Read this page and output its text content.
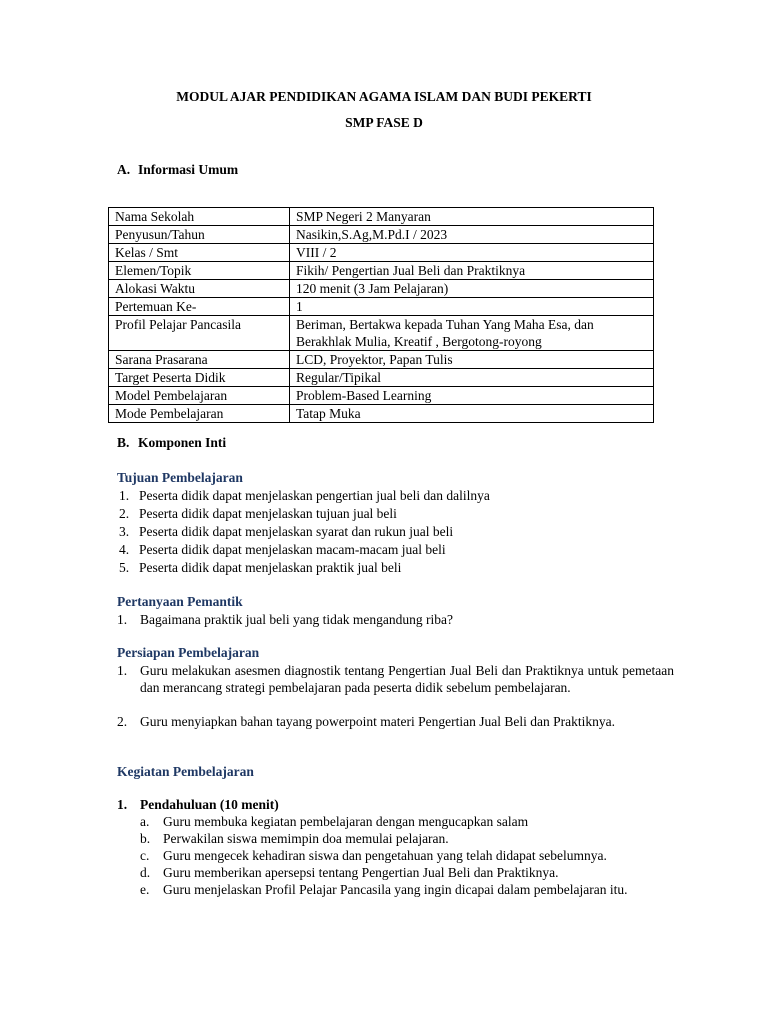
MODUL AJAR PENDIDIKAN AGAMA ISLAM DAN BUDI PEKERTI
SMP FASE D
A. Informasi Umum
Nama Sekolah	SMP Negeri 2 Manyaran
Penyusun/Tahun	Nasikin,S.Ag,M.Pd.I / 2023
Kelas / Smt	VIII / 2
Elemen/Topik	Fikih/ Pengertian Jual Beli dan Praktiknya
Alokasi Waktu	120 menit (3 Jam Pelajaran)
Pertemuan Ke-	1
Profil Pelajar Pancasila	Beriman, Bertakwa kepada Tuhan Yang Maha Esa, dan Berakhlak Mulia, Kreatif , Bergotong-royong
Sarana Prasarana	LCD, Proyektor, Papan Tulis
Target Peserta Didik	Regular/Tipikal
Model Pembelajaran	Problem-Based Learning
Mode Pembelajaran	Tatap Muka
B. Komponen Inti
Tujuan Pembelajaran
1. Peserta didik dapat menjelaskan pengertian jual beli dan dalilnya
2. Peserta didik dapat menjelaskan tujuan jual beli
3. Peserta didik dapat menjelaskan syarat dan rukun jual beli
4. Peserta didik dapat menjelaskan macam-macam jual beli
5. Peserta didik dapat menjelaskan praktik jual beli
Pertanyaan Pemantik
1. Bagaimana praktik jual beli yang tidak mengandung riba?
Persiapan Pembelajaran
1. Guru melakukan asesmen diagnostik tentang Pengertian Jual Beli dan Praktiknya untuk pemetaan dan merancang strategi pembelajaran pada peserta didik sebelum pembelajaran.
2. Guru menyiapkan bahan tayang powerpoint materi Pengertian Jual Beli dan Praktiknya.
Kegiatan Pembelajaran
1. Pendahuluan (10 menit)
a. Guru membuka kegiatan pembelajaran dengan mengucapkan salam
b. Perwakilan siswa memimpin doa memulai pelajaran.
c. Guru mengecek kehadiran siswa dan pengetahuan yang telah didapat sebelumnya.
d. Guru memberikan apersepsi tentang Pengertian Jual Beli dan Praktiknya.
e. Guru menjelaskan Profil Pelajar Pancasila yang ingin dicapai dalam pembelajaran itu.
